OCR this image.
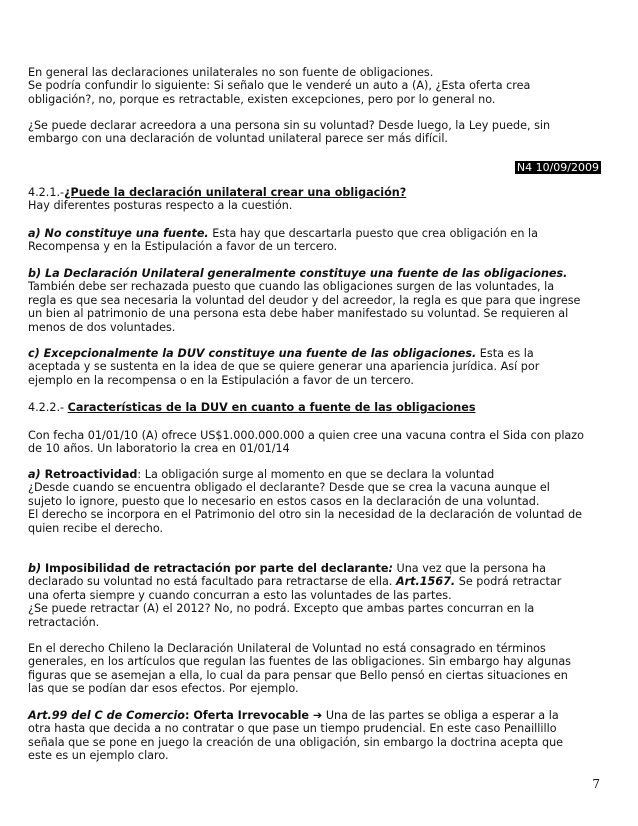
En general las declaraciones unilaterales no son fuente de obligaciones.
Se podría confundir lo siguiente: Si señalo que le venderé un auto a (A), ¿Esta oferta crea
obligación?, no, porque es retractable, existen excepciones, pero por lo general no.
¿Se puede declarar acreedora a una persona sin su voluntad? Desde luego, la Ley puede, sin
embargo con una declaración de voluntad unilateral parece ser más difícil.
N4 10/09/2009
4.2.1.-¿Puede la declaración unilateral crear una obligación?
Hay diferentes posturas respecto a la cuestión.
a) No constituye una fuente. Esta hay que descartarla puesto que crea obligación en la
Recompensa y en la Estipulación a favor de un tercero.
b) La Declaración Unilateral generalmente constituye una fuente de las obligaciones.
También debe ser rechazada puesto que cuando las obligaciones surgen de las voluntades, la
regla es que sea necesaria la voluntad del deudor y del acreedor, la regla es que para que ingrese
un bien al patrimonio de una persona esta debe haber manifestado su voluntad. Se requieren al
menos de dos voluntades.
c) Excepcionalmente la DUV constituye una fuente de las obligaciones. Esta es la
aceptada y se sustenta en la idea de que se quiere generar una apariencia jurídica. Así por
ejemplo en la recompensa o en la Estipulación a favor de un tercero.
4.2.2.- Características de la DUV en cuanto a fuente de las obligaciones
Con fecha 01/01/10 (A) ofrece US$1.000.000.000 a quien cree una vacuna contra el Sida con plazo
de 10 años. Un laboratorio la crea en 01/01/14
a) Retroactividad: La obligación surge al momento en que se declara la voluntad
¿Desde cuando se encuentra obligado el declarante? Desde que se crea la vacuna aunque el
sujeto lo ignore, puesto que lo necesario en estos casos en la declaración de una voluntad.
El derecho se incorpora en el Patrimonio del otro sin la necesidad de la declaración de voluntad de
quien recibe el derecho.
b) Imposibilidad de retractación por parte del declarante: Una vez que la persona ha
declarado su voluntad no está facultado para retractarse de ella. Art.1567. Se podrá retractar
una oferta siempre y cuando concurran a esto las voluntades de las partes.
¿Se puede retractar (A) el 2012? No, no podrá. Excepto que ambas partes concurran en la
retractación.
En el derecho Chileno la Declaración Unilateral de Voluntad no está consagrado en términos
generales, en los artículos que regulan las fuentes de las obligaciones. Sin embargo hay algunas
figuras que se asemejan a ella, lo cual da para pensar que Bello pensó en ciertas situaciones en
las que se podían dar esos efectos. Por ejemplo.
Art.99 del C de Comercio: Oferta Irrevocable ➔ Una de las partes se obliga a esperar a la
otra hasta que decida a no contratar o que pase un tiempo prudencial. En este caso Penaillillo
señala que se pone en juego la creación de una obligación, sin embargo la doctrina acepta que
este es un ejemplo claro.
7
